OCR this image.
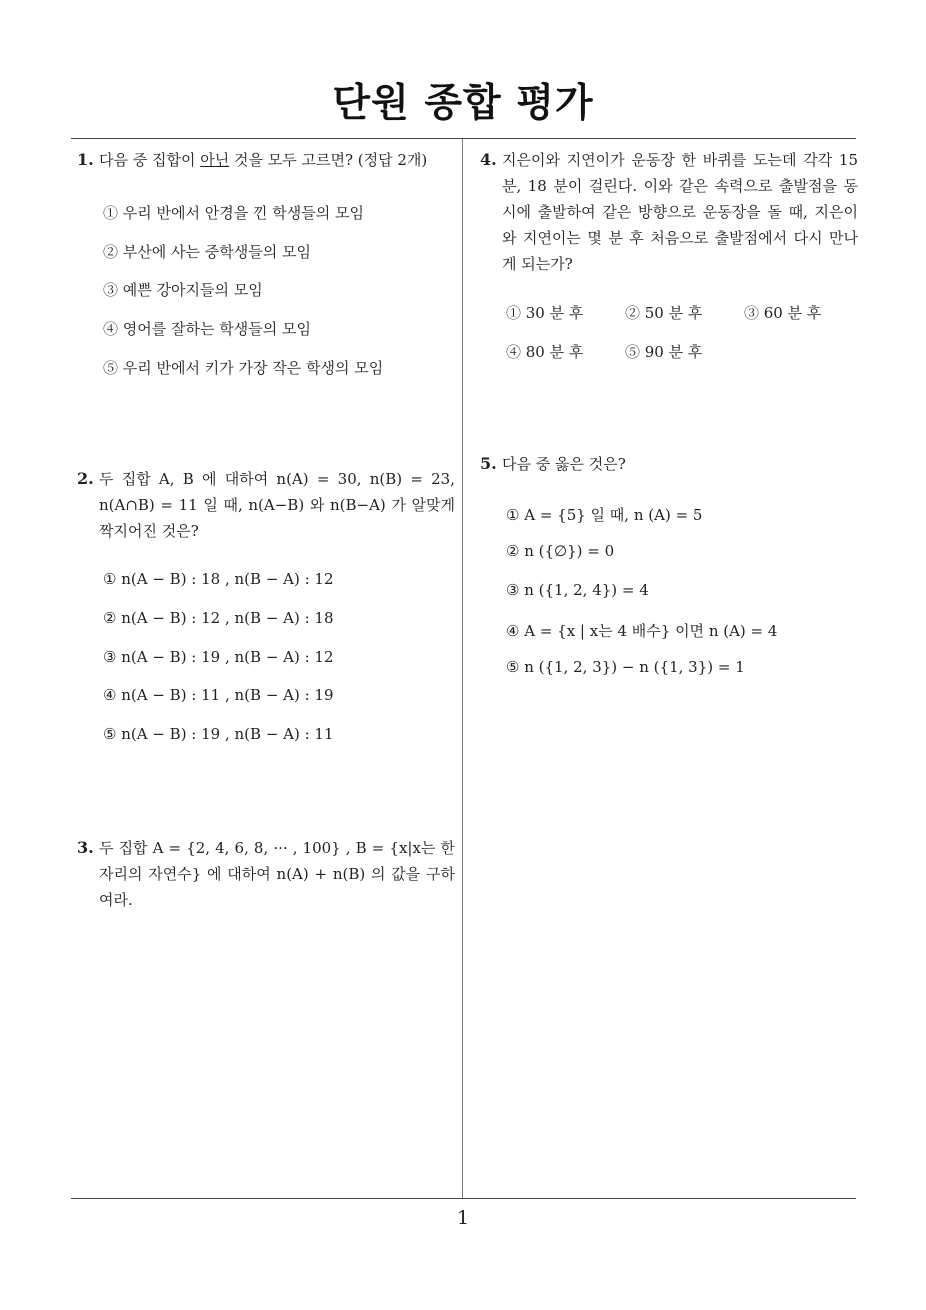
단원 종합 평가
1
1. 다음 중 집합이 아닌 것을 모두 고르면? (정답 2개)
① 우리 반에서 안경을 낀 학생들의 모임
② 부산에 사는 중학생들의 모임
③ 예쁜 강아지들의 모임
④ 영어를 잘하는 학생들의 모임
⑤ 우리 반에서 키가 가장 작은 학생의 모임
2. 두 집합 A, B 에 대하여 n(A) = 30, n(B) = 23, n(A∩B) = 11 일 때, n(A−B) 와 n(B−A) 가 알맞게 짝지어진 것은?
① n(A − B) : 18 , n(B − A) : 12
② n(A − B) : 12 , n(B − A) : 18
③ n(A − B) : 19 , n(B − A) : 12
④ n(A − B) : 11 , n(B − A) : 19
⑤ n(A − B) : 19 , n(B − A) : 11
3. 두 집합 A = {2, 4, 6, 8, ··· , 100} , B = {x|x는 한 자리의 자연수} 에 대하여 n(A) + n(B) 의 값을 구하여라.
4. 지은이와 지연이가 운동장 한 바퀴를 도는데 각각 15 분, 18 분이 걸린다. 이와 같은 속력으로 출발점을 동시에 출발하여 같은 방향으로 운동장을 돌 때, 지은이와 지연이는 몇 분 후 처음으로 출발점에서 다시 만나게 되는가?
① 30 분 후	② 50 분 후	③ 60 분 후
④ 80 분 후	⑤ 90 분 후
5. 다음 중 옳은 것은?
① A = {5} 일 때, n (A) = 5
② n ({∅}) = 0
③ n ({1, 2, 4}) = 4
④ A = {x | x는 4 배수} 이면 n (A) = 4
⑤ n ({1, 2, 3}) − n ({1, 3}) = 1
